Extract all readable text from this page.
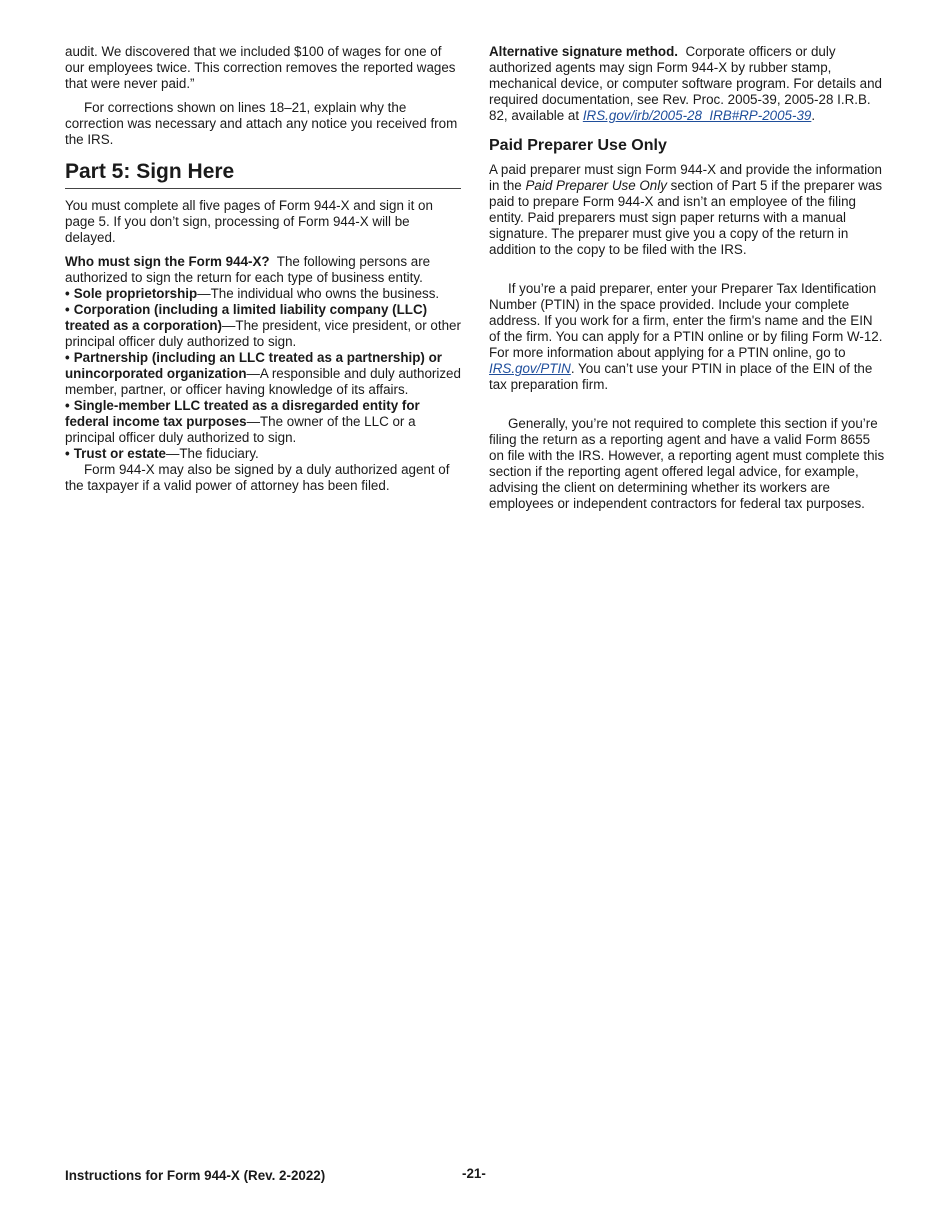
audit. We discovered that we included $100 of wages for one of our employees twice. This correction removes the reported wages that were never paid.”

For corrections shown on lines 18–21, explain why the correction was necessary and attach any notice you received from the IRS.

Part 5: Sign Here

You must complete all five pages of Form 944-X and sign it on page 5. If you don’t sign, processing of Form 944-X will be delayed.

Who must sign the Form 944-X? The following persons are authorized to sign the return for each type of business entity.

• Sole proprietorship—The individual who owns the business.

• Corporation (including a limited liability company (LLC) treated as a corporation)—The president, vice president, or other principal officer duly authorized to sign.

• Partnership (including an LLC treated as a partnership) or unincorporated organization—A responsible and duly authorized member, partner, or officer having knowledge of its affairs.

• Single-member LLC treated as a disregarded entity for federal income tax purposes—The owner of the LLC or a principal officer duly authorized to sign.

• Trust or estate—The fiduciary.

Form 944-X may also be signed by a duly authorized agent of the taxpayer if a valid power of attorney has been filed.

Alternative signature method. Corporate officers or duly authorized agents may sign Form 944-X by rubber stamp, mechanical device, or computer software program. For details and required documentation, see Rev. Proc. 2005-39, 2005-28 I.R.B. 82, available at IRS.gov/irb/2005-28_IRB#RP-2005-39.

Paid Preparer Use Only

A paid preparer must sign Form 944-X and provide the information in the Paid Preparer Use Only section of Part 5 if the preparer was paid to prepare Form 944-X and isn’t an employee of the filing entity. Paid preparers must sign paper returns with a manual signature. The preparer must give you a copy of the return in addition to the copy to be filed with the IRS.

If you’re a paid preparer, enter your Preparer Tax Identification Number (PTIN) in the space provided. Include your complete address. If you work for a firm, enter the firm's name and the EIN of the firm. You can apply for a PTIN online or by filing Form W-12. For more information about applying for a PTIN online, go to IRS.gov/PTIN. You can’t use your PTIN in place of the EIN of the tax preparation firm.

Generally, you’re not required to complete this section if you’re filing the return as a reporting agent and have a valid Form 8655 on file with the IRS. However, a reporting agent must complete this section if the reporting agent offered legal advice, for example, advising the client on determining whether its workers are employees or independent contractors for federal tax purposes.

Instructions for Form 944-X (Rev. 2-2022)	-21-
